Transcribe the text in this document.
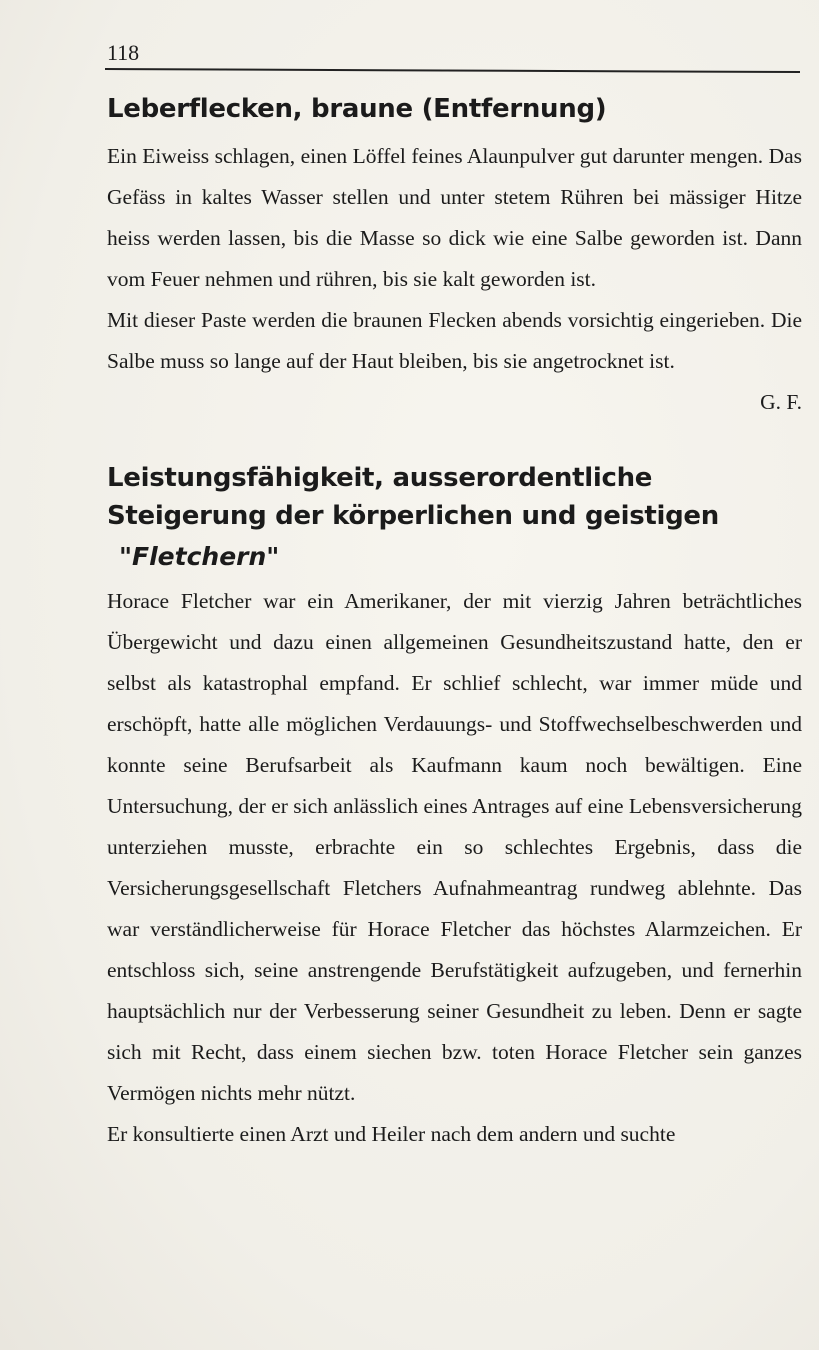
118
Leberflecken, braune (Entfernung)

Ein Eiweiss schlagen, einen Löffel feines Alaunpulver gut darunter mengen. Das Gefäss in kaltes Wasser stellen und unter stetem Rühren bei mässiger Hitze heiss werden lassen, bis die Masse so dick wie eine Salbe geworden ist. Dann vom Feuer nehmen und rühren, bis sie kalt geworden ist.

Mit dieser Paste werden die braunen Flecken abends vorsichtig eingerieben. Die Salbe muss so lange auf der Haut bleiben, bis sie angetrocknet ist.

G. F.

Leistungsfähigkeit, ausserordentliche Steigerung der körperlichen und geistigen
"Fletchern"

Horace Fletcher war ein Amerikaner, der mit vierzig Jahren beträchtliches Übergewicht und dazu einen allgemeinen Gesundheitszustand hatte, den er selbst als katastrophal empfand. Er schlief schlecht, war immer müde und erschöpft, hatte alle möglichen Verdauungs- und Stoffwechselbeschwerden und konnte seine Berufsarbeit als Kaufmann kaum noch bewältigen. Eine Untersuchung, der er sich anlässlich eines Antrages auf eine Lebensversicherung unterziehen musste, erbrachte ein so schlechtes Ergebnis, dass die Versicherungsgesellschaft Fletchers Aufnahmeantrag rundweg ablehnte. Das war verständlicherweise für Horace Fletcher das höchstes Alarmzeichen. Er entschloss sich, seine anstrengende Berufstätigkeit aufzugeben, und fernerhin hauptsächlich nur der Verbesserung seiner Gesundheit zu leben. Denn er sagte sich mit Recht, dass einem siechen bzw. toten Horace Fletcher sein ganzes Vermögen nichts mehr nützt.

Er konsultierte einen Arzt und Heiler nach dem andern und suchte
